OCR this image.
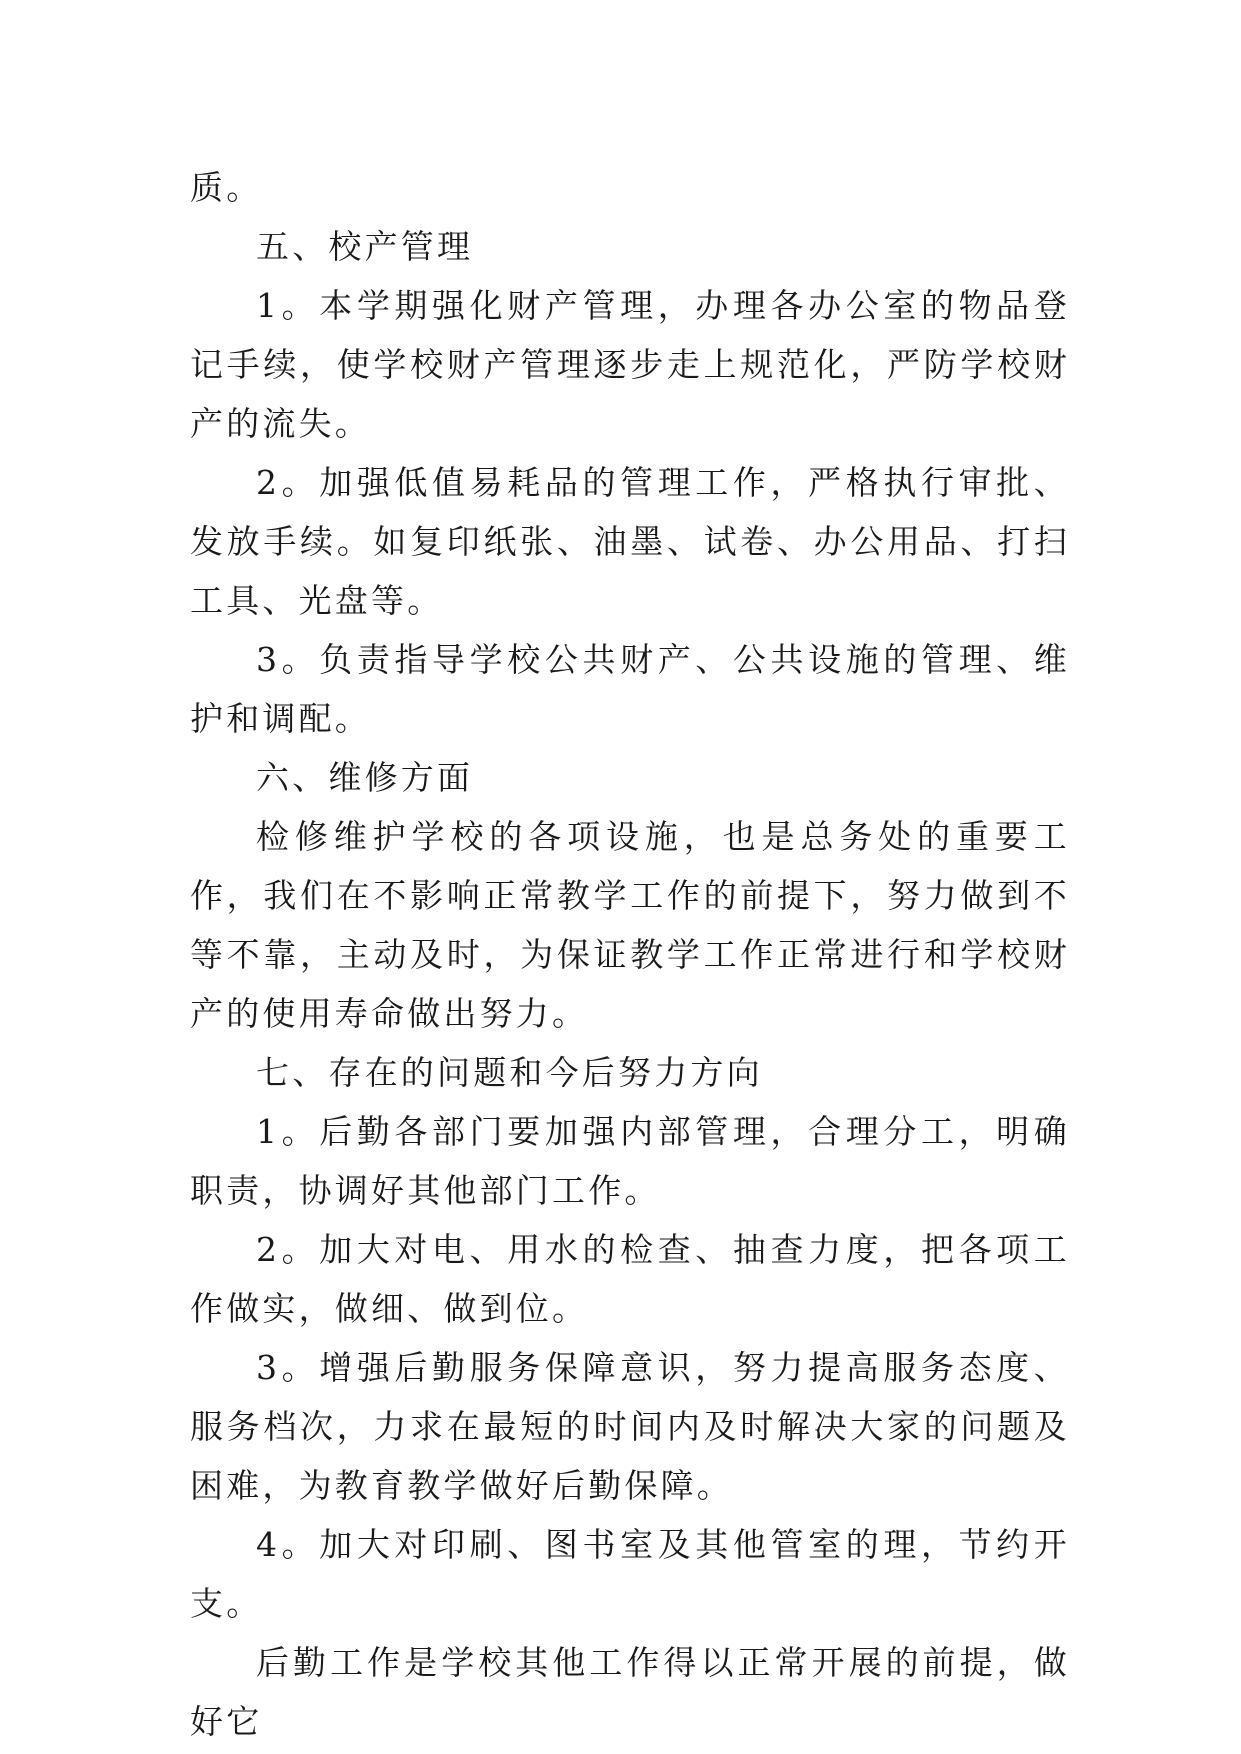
质。

五、校产管理

1。本学期强化财产管理，办理各办公室的物品登记手续，使学校财产管理逐步走上规范化，严防学校财产的流失。

2。加强低值易耗品的管理工作，严格执行审批、发放手续。如复印纸张、油墨、试卷、办公用品、打扫工具、光盘等。

3。负责指导学校公共财产、公共设施的管理、维护和调配。

六、维修方面

检修维护学校的各项设施，也是总务处的重要工作，我们在不影响正常教学工作的前提下，努力做到不等不靠，主动及时，为保证教学工作正常进行和学校财产的使用寿命做出努力。

七、存在的问题和今后努力方向

1。后勤各部门要加强内部管理，合理分工，明确职责，协调好其他部门工作。

2。加大对电、用水的检查、抽查力度，把各项工作做实，做细、做到位。

3。增强后勤服务保障意识，努力提高服务态度、服务档次，力求在最短的时间内及时解决大家的问题及困难，为教育教学做好后勤保障。

4。加大对印刷、图书室及其他管室的理，节约开支。

后勤工作是学校其他工作得以正常开展的前提，做好它
